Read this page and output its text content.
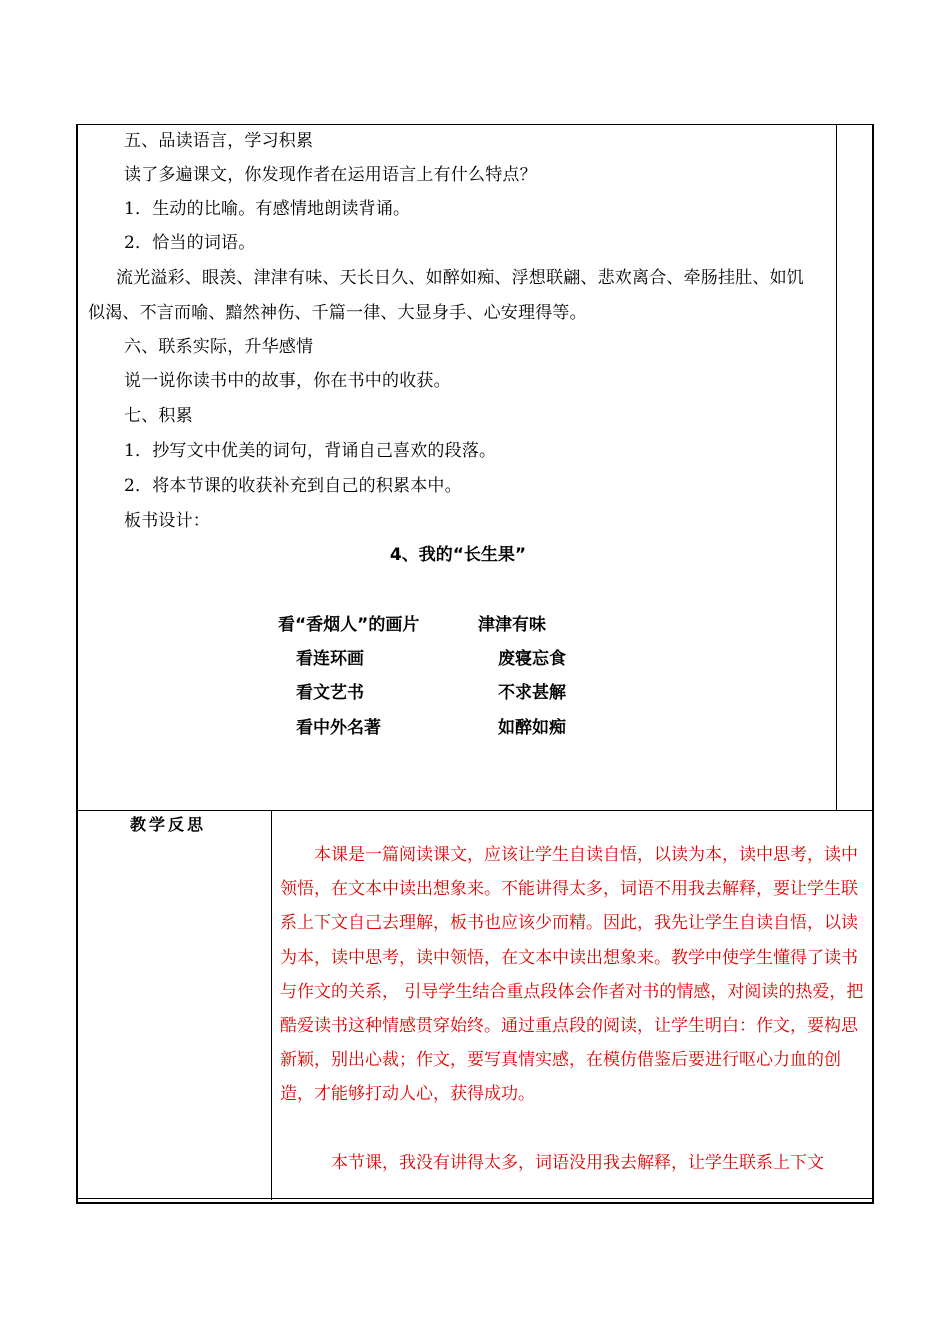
五、品读语言，学习积累
读了多遍课文，你发现作者在运用语言上有什么特点？
1．生动的比喻。有感情地朗读背诵。
2．恰当的词语。
流光溢彩、眼羡、津津有味、天长日久、如醉如痴、浮想联翩、悲欢离合、牵肠挂肚、如饥
似渴、不言而喻、黯然神伤、千篇一律、大显身手、心安理得等。
六、联系实际，升华感情
说一说你读书中的故事，你在书中的收获。
七、积累
1．抄写文中优美的词句，背诵自己喜欢的段落。
2．将本节课的收获补充到自己的积累本中。
板书设计：
4、我的“长生果”
看“香烟人”的画片	津津有味
看连环画	废寝忘食
看文艺书	不求甚解
看中外名著	如醉如痴
教学反思

本课是一篇阅读课文，应该让学生自读自悟，以读为本，读中思考，读中领悟，在文本中读出想象来。不能讲得太多，词语不用我去解释，要让学生联系上下文自己去理解，板书也应该少而精。因此，我先让学生自读自悟，以读为本，读中思考，读中领悟，在文本中读出想象来。教学中使学生懂得了读书与作文的关系， 引导学生结合重点段体会作者对书的情感，对阅读的热爱，把酷爱读书这种情感贯穿始终。通过重点段的阅读，让学生明白：作文，要构思新颖，别出心裁；作文，要写真情实感，在模仿借鉴后要进行呕心力血的创造，才能够打动人心，获得成功。

本节课，我没有讲得太多，词语没用我去解释，让学生联系上下文
